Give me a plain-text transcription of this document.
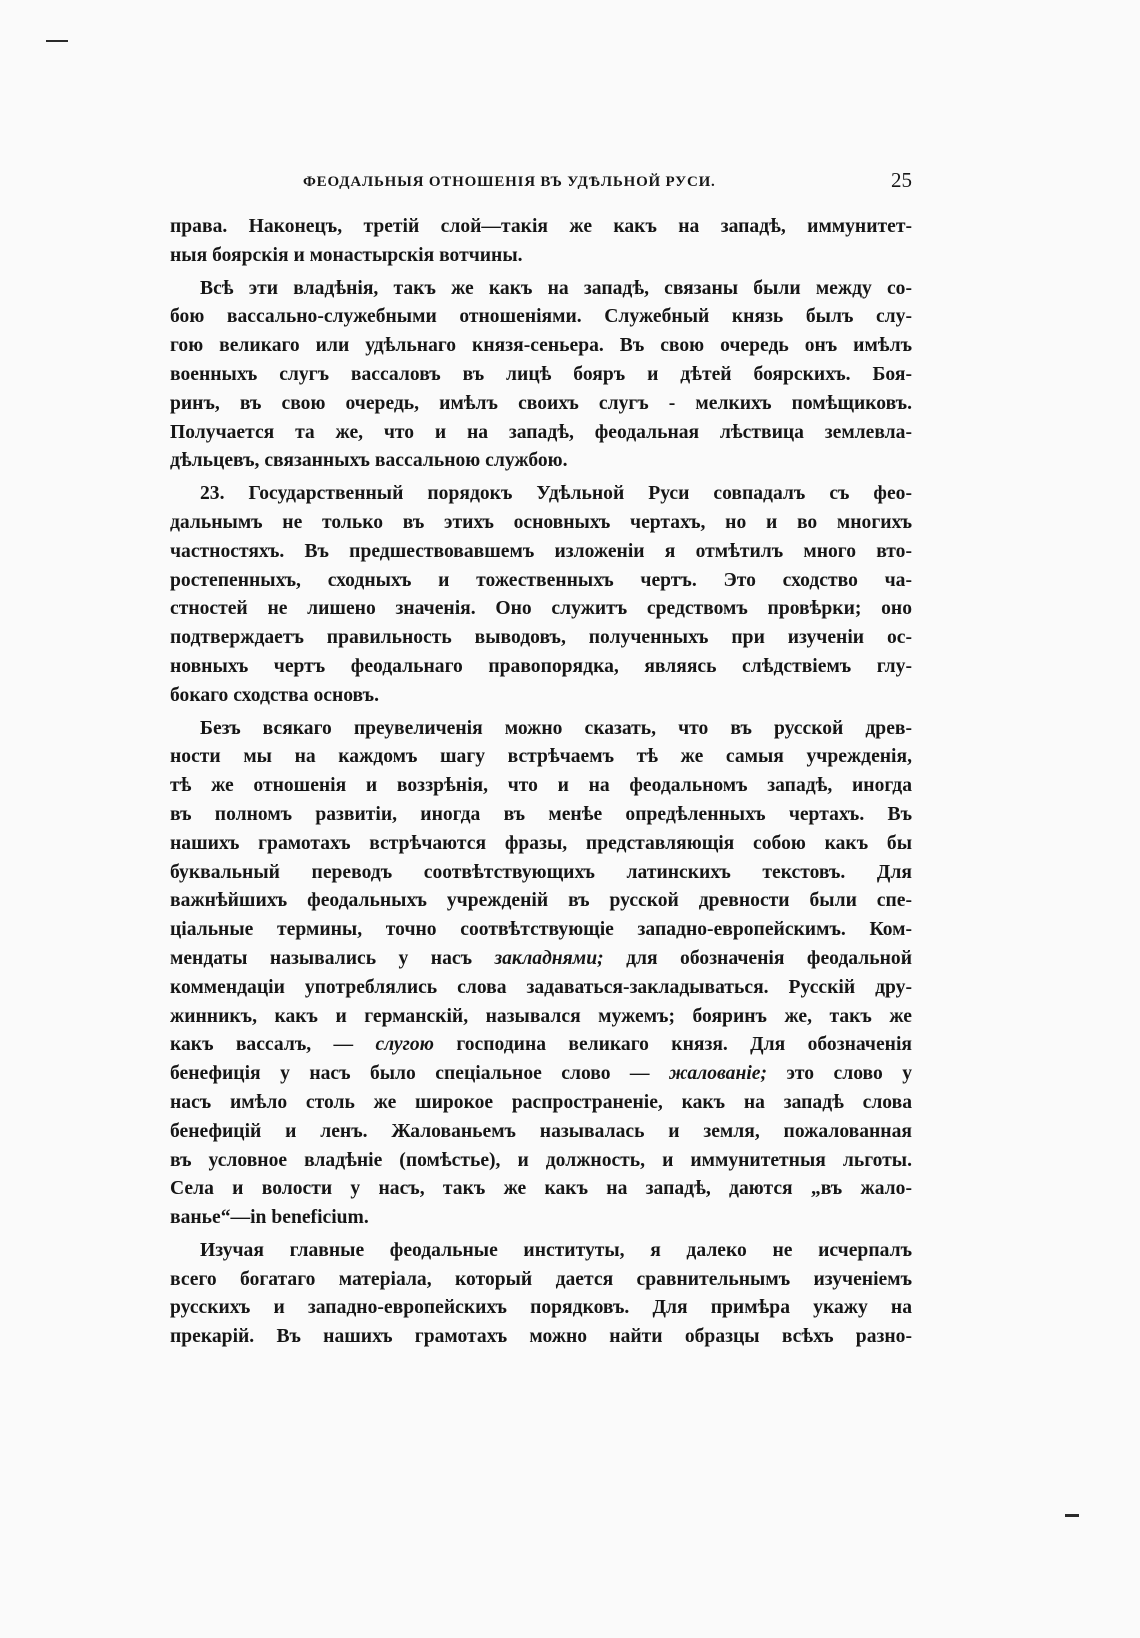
ФЕОДАЛЬНЫЯ ОТНОШЕНІЯ ВЪ УДѢЛЬНОЙ РУСИ.	25
права. Наконецъ, третій слой—такія же какъ на западѣ, иммунитет-
ныя боярскія и монастырскія вотчины.
Всѣ эти владѣнія, такъ же какъ на западѣ, связаны были между со-
бою вассально-служебными отношеніями. Служебный князь былъ слу-
гою великаго или удѣльнаго князя-сеньера. Въ свою очередь онъ имѣлъ
военныхъ слугъ вассаловъ въ лицѣ бояръ и дѣтей боярскихъ. Боя-
ринъ, въ свою очередь, имѣлъ своихъ слугъ - мелкихъ помѣщиковъ.
Получается та же, что и на западѣ, феодальная лѣствица землевла-
дѣльцевъ, связанныхъ вассальною службою.
23. Государственный порядокъ Удѣльной Руси совпадалъ съ фео-
дальнымъ не только въ этихъ основныхъ чертахъ, но и во многихъ
частностяхъ. Въ предшествовавшемъ изложеніи я отмѣтилъ много вто-
ростепенныхъ, сходныхъ и тожественныхъ чертъ. Это сходство ча-
стностей не лишено значенія. Оно служитъ средствомъ провѣрки; оно
подтверждаетъ правильность выводовъ, полученныхъ при изученіи ос-
новныхъ чертъ феодальнаго правопорядка, являясь слѣдствіемъ глу-
бокаго сходства основъ.
Безъ всякаго преувеличенія можно сказать, что въ русской древ-
ности мы на каждомъ шагу встрѣчаемъ тѣ же самыя учрежденія,
тѣ же отношенія и воззрѣнія, что и на феодальномъ западѣ, иногда
въ полномъ развитіи, иногда въ менѣе опредѣленныхъ чертахъ. Въ
нашихъ грамотахъ встрѣчаются фразы, представляющія собою какъ бы
буквальный переводъ соотвѣтствующихъ латинскихъ текстовъ. Для
важнѣйшихъ феодальныхъ учрежденій въ русской древности были спе-
ціальные термины, точно соотвѣтствующіе западно-европейскимъ. Ком-
мендаты назывались у насъ закладнями; для обозначенія феодальной
коммендаціи употреблялись слова задаваться-закладываться. Русскій дру-
жинникъ, какъ и германскій, назывался мужемъ; бояринъ же, такъ же
какъ вассалъ, — слугою господина великаго князя. Для обозначенія
бенефиція у насъ было спеціальное слово — жалованіе; это слово у
насъ имѣло столь же широкое распространеніе, какъ на западѣ слова
бенефицій и ленъ. Жалованьемъ называлась и земля, пожалованная
въ условное владѣніе (помѣстье), и должность, и иммунитетныя льготы.
Села и волости у насъ, такъ же какъ на западѣ, даются „въ жало-
ванье“—in beneficium.
Изучая главные феодальные институты, я далеко не исчерпалъ
всего богатаго матеріала, который дается сравнительнымъ изученіемъ
русскихъ и западно-европейскихъ порядковъ. Для примѣра укажу на
прекарій. Въ нашихъ грамотахъ можно найти образцы всѣхъ разно-
